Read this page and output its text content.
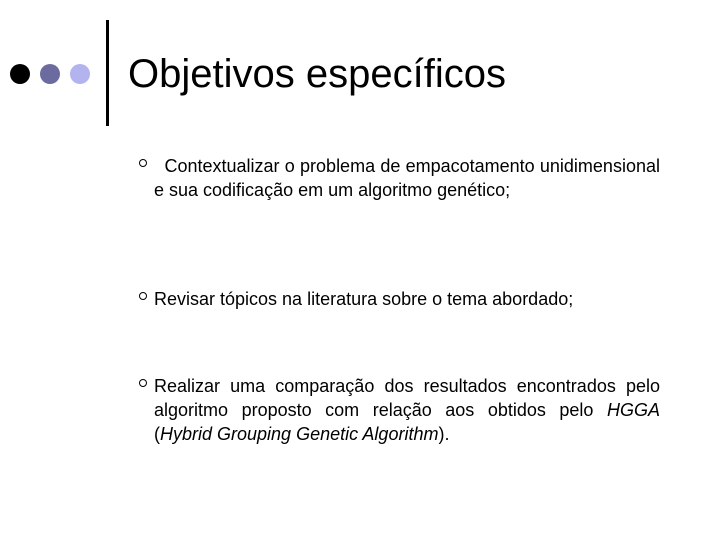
Objetivos específicos

Contextualizar o problema de empacotamento unidimensional e sua codificação em um algoritmo genético;

Revisar tópicos na literatura sobre o tema abordado;

Realizar uma comparação dos resultados encontrados pelo algoritmo proposto com relação aos obtidos pelo HGGA (Hybrid Grouping Genetic Algorithm).
